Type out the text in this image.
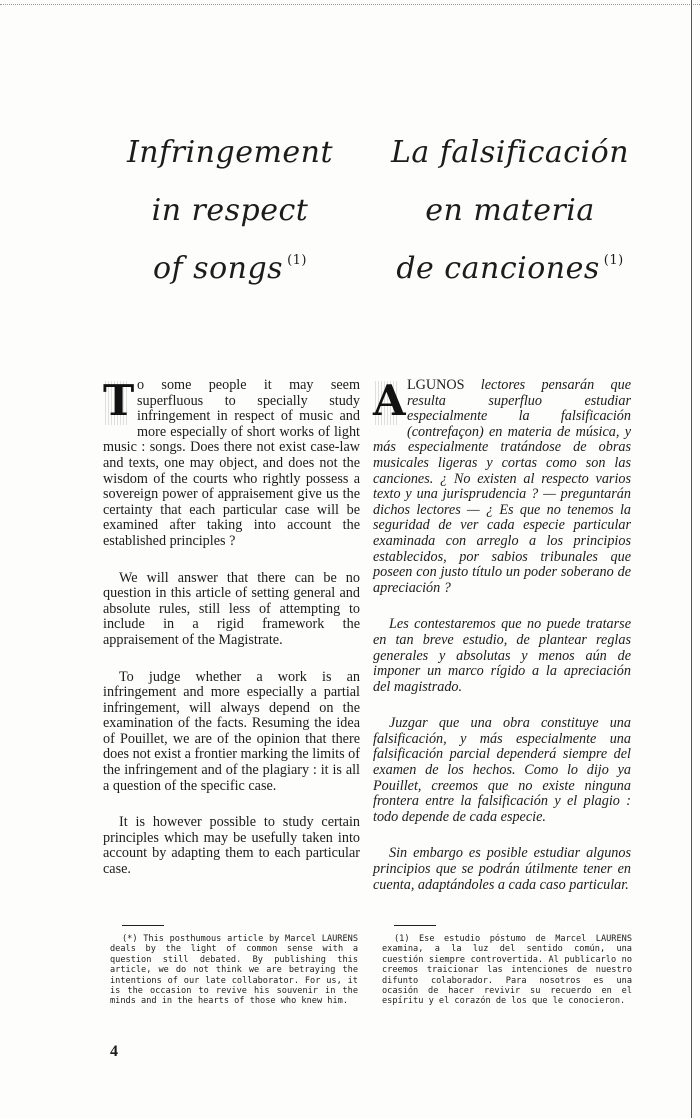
Infringement
in respect
of songs $^{(1)}$
La falsificación
en materia
de canciones $^{(1)}$

T o some people it may seem superfluous to specially study infringement in respect of music and more especially of short works of light music : songs. Does there not exist case-law and texts, one may object, and does not the wisdom of the courts who rightly possess a sovereign power of appraisement give us the certainty that each particular case will be examined after taking into account the established principles ?

We will answer that there can be no question in this article of setting general and absolute rules, still less of attempting to include in a rigid framework the appraisement of the Magistrate.

To judge whether a work is an infringement and more especially a partial infringement, will always depend on the examination of the facts. Resuming the idea of Pouillet, we are of the opinion that there does not exist a frontier marking the limits of the infringement and of the plagiary : it is all a question of the specific case.

It is however possible to study certain principles which may be usefully taken into account by adapting them to each particular case.

A LGUNOS lectores pensarán que resulta superfluo estudiar especialmente la falsificación (contrefaçon) en materia de música, y más especialmente tratándose de obras musicales ligeras y cortas como son las canciones. ¿ No existen al respecto varios texto y una jurisprudencia ? — preguntarán dichos lectores — ¿ Es que no tenemos la seguridad de ver cada especie particular examinada con arreglo a los principios establecidos, por sabios tribunales que poseen con justo título un poder soberano de apreciación ?

Les contestaremos que no puede tratarse en tan breve estudio, de plantear reglas generales y absolutas y menos aún de imponer un marco rígido a la apreciación del magistrado.

Juzgar que una obra constituye una falsificación, y más especialmente una falsificación parcial dependerá siempre del examen de los hechos. Como lo dijo ya Pouillet, creemos que no existe ninguna frontera entre la falsificación y el plagio : todo depende de cada especie.

Sin embargo es posible estudiar algunos principios que se podrán útilmente tener en cuenta, adaptándoles a cada caso particular.

(*) This posthumous article by Marcel LAURENS deals by the light of common sense with a question still debated. By publishing this article, we do not think we are betraying the intentions of our late collaborator. For us, it is the occasion to revive his souvenir in the minds and in the hearts of those who knew him.

(1) Ese estudio póstumo de Marcel LAURENS examina, a la luz del sentido común, una cuestión siempre controvertida. Al publicarlo no creemos traicionar las intenciones de nuestro difunto colaborador. Para nosotros es una ocasión de hacer revivir su recuerdo en el espíritu y el corazón de los que le conocieron.

4
